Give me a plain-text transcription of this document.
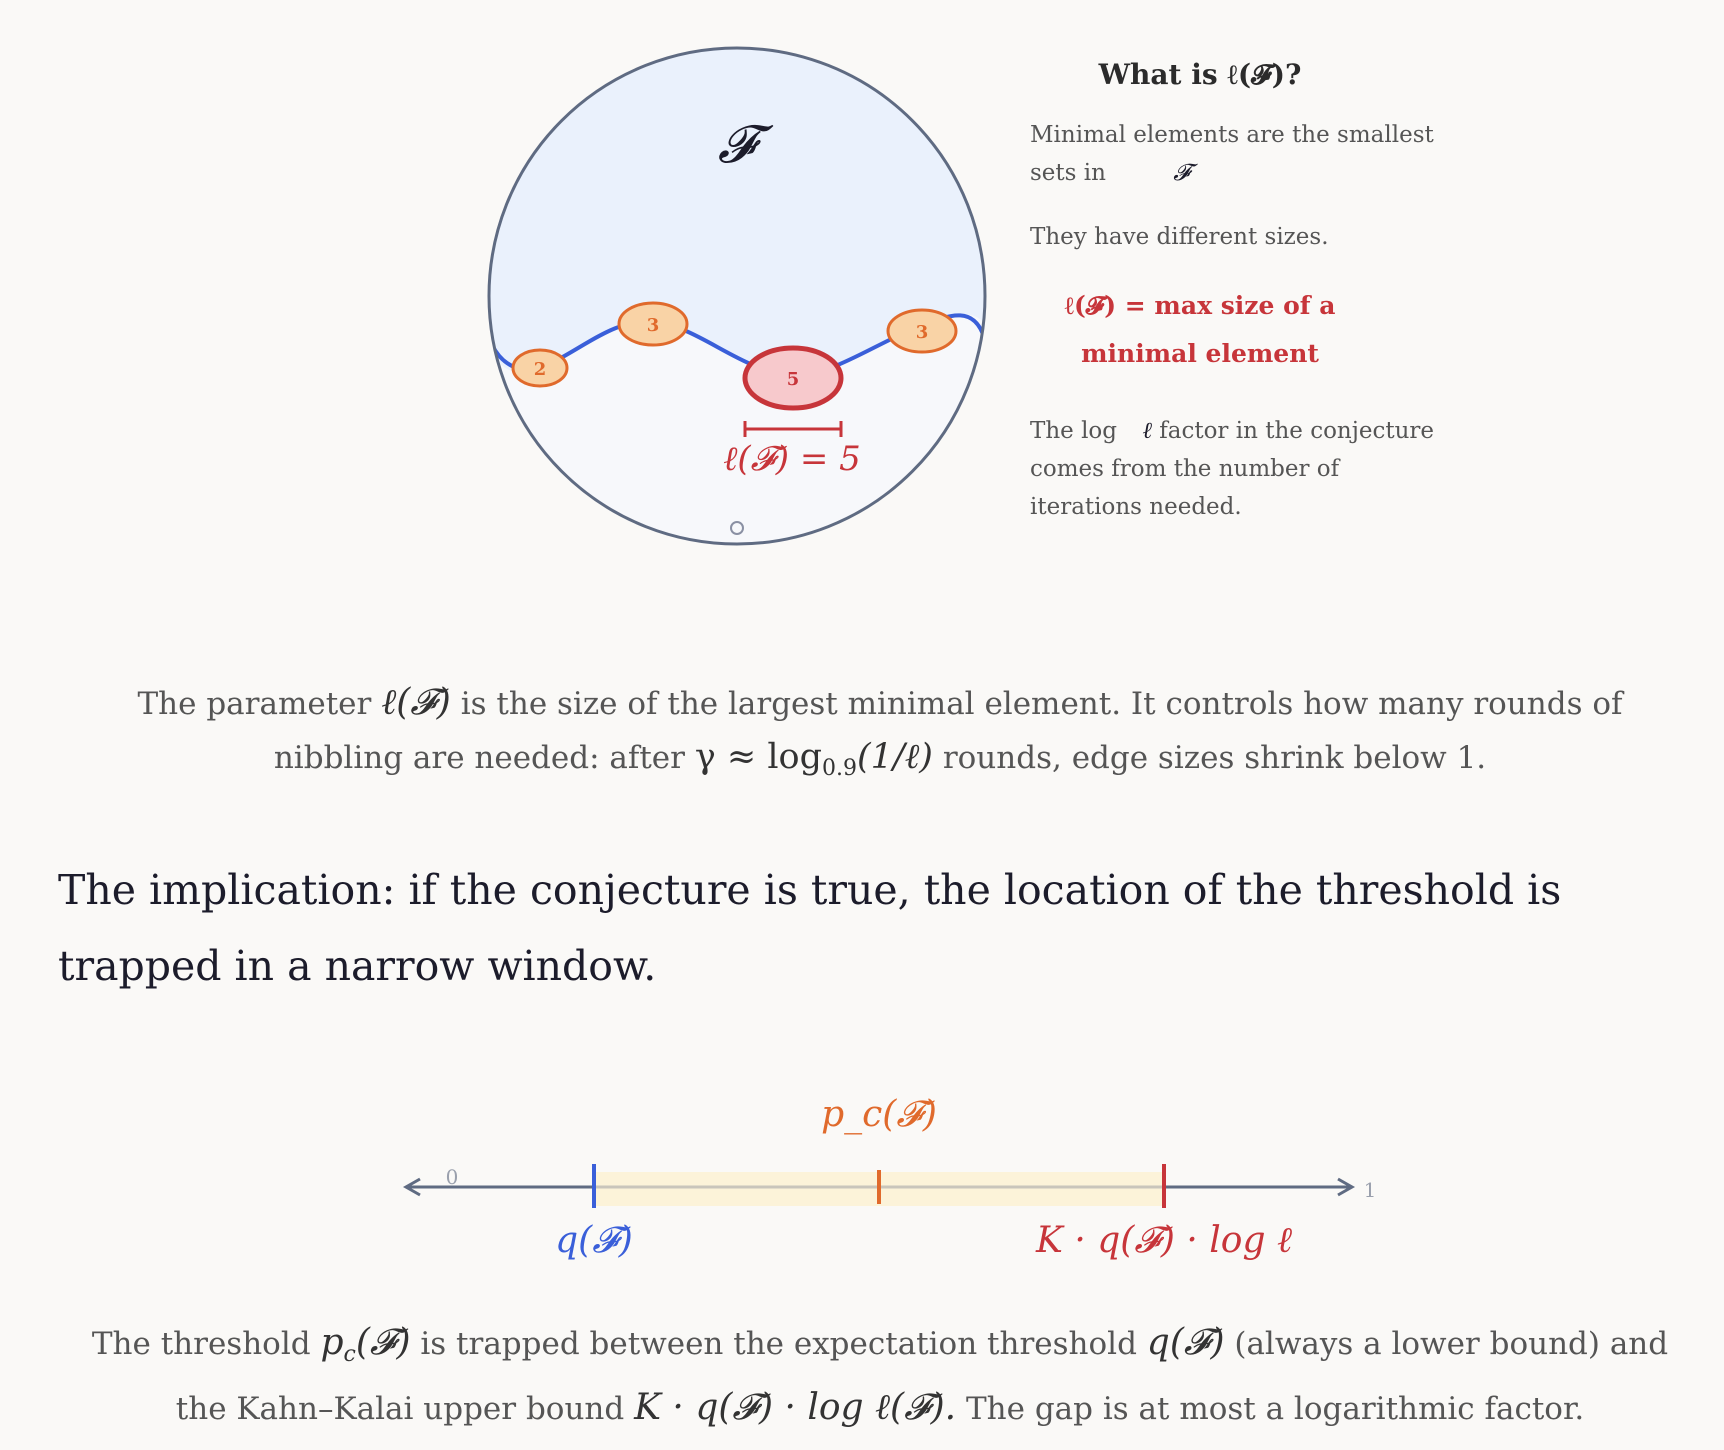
𝓕
2
3
5
3
ℓ(𝓕) = 5
What is ℓ(𝓕)?

Minimal elements are the smallest sets in	𝓕

They have different sizes.

ℓ(𝓕) = max size of a
minimal element

The log ℓ factor in the conjecture comes from the number of iterations needed.

The parameter ℓ(𝓕) is the size of the largest minimal element. It controls how many rounds of nibbling are needed: after $\gamma \approx \log_{0.9}(1/\ell)$ rounds, edge sizes shrink below 1.
The implication: if the conjecture is true, the location of the threshold is trapped in a narrow window.
0
1
p_c(𝓕)
q(𝓕)	K · q(𝓕) · log ℓ
The threshold $p_c(𝓕)$ is trapped between the expectation threshold q(𝓕) (always a lower bound) and the Kahn–Kalai upper bound K · q(𝓕) · log ℓ(𝓕). The gap is at most a logarithmic factor.
